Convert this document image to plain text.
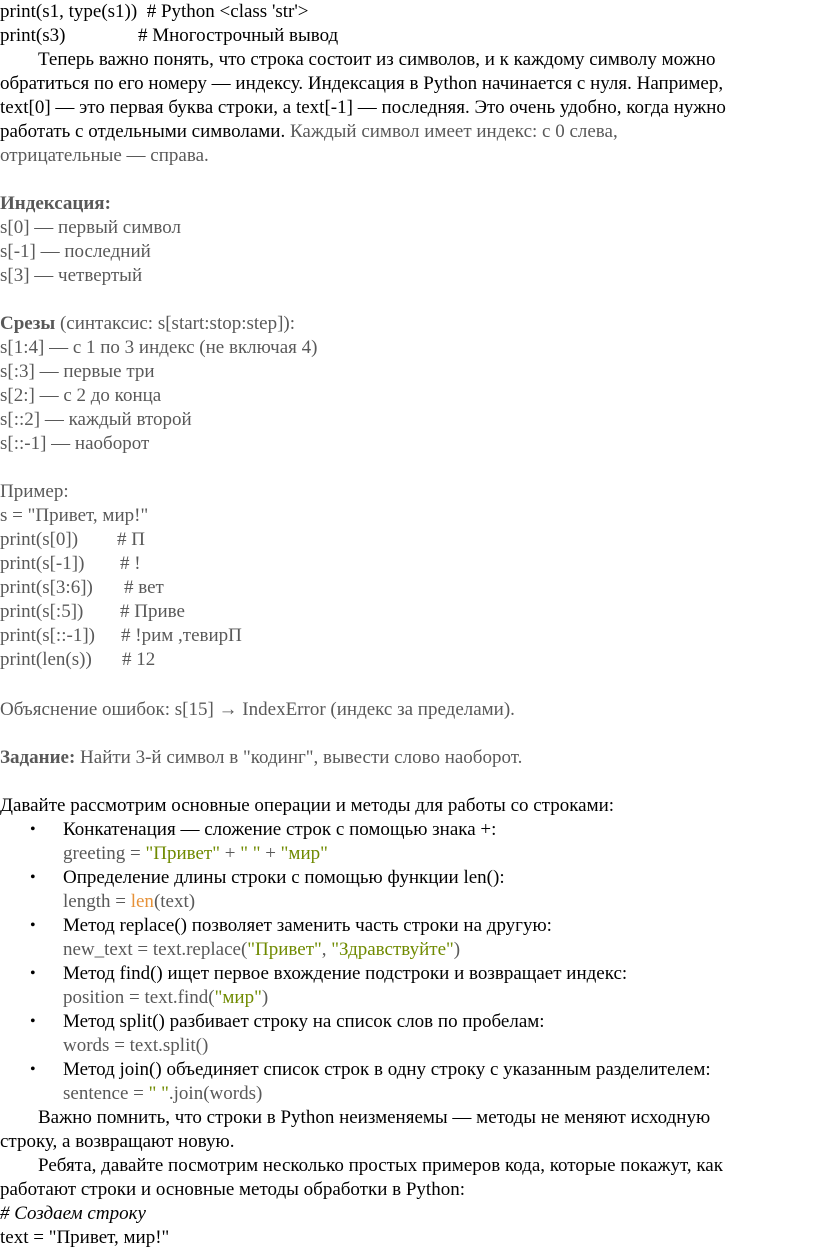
print(s1, type(s1))  # Python <class 'str'>
print(s3)	# Многострочный вывод
Теперь важно понять, что строка состоит из символов, и к каждому символу можно
обратиться по его номеру — индексу. Индексация в Python начинается с нуля. Например,
text[0] — это первая буква строки, а text[-1] — последняя. Это очень удобно, когда нужно
работать с отдельными символами. Каждый символ имеет индекс: с 0 слева,
отрицательные — справа.
Индексация:
s[0] — первый символ
s[-1] — последний
s[3] — четвертый
Срезы (синтаксис: s[start:stop:step]):
s[1:4] — с 1 по 3 индекс (не включая 4)
s[:3] — первые три
s[2:] — с 2 до конца
s[::2] — каждый второй
s[::-1] — наоборот
Пример:
s = "Привет, мир!"
print(s[0]) # П
print(s[-1]) # !
print(s[3:6]) # вет
print(s[:5]) # Приве
print(s[::-1]) # !рим ,тевирП
print(len(s)) # 12
Объяснение ошибок: s[15] → IndexError (индекс за пределами).
Задание: Найти 3-й символ в "кодинг", вывести слово наоборот.
Давайте рассмотрим основные операции и методы для работы со строками:
• Конкатенация — сложение строк с помощью знака +:
greeting = "Привет" + " " + "мир"
• Определение длины строки с помощью функции len():
length = len(text)
• Метод replace() позволяет заменить часть строки на другую:
new_text = text.replace("Привет", "Здравствуйте")
• Метод find() ищет первое вхождение подстроки и возвращает индекс:
position = text.find("мир")
• Метод split() разбивает строку на список слов по пробелам:
words = text.split()
• Метод join() объединяет список строк в одну строку с указанным разделителем:
sentence = " ".join(words)
Важно помнить, что строки в Python неизменяемы — методы не меняют исходную
строку, а возвращают новую.
Ребята, давайте посмотрим несколько простых примеров кода, которые покажут, как
работают строки и основные методы обработки в Python:
# Создаем строку
text = "Привет, мир!"
